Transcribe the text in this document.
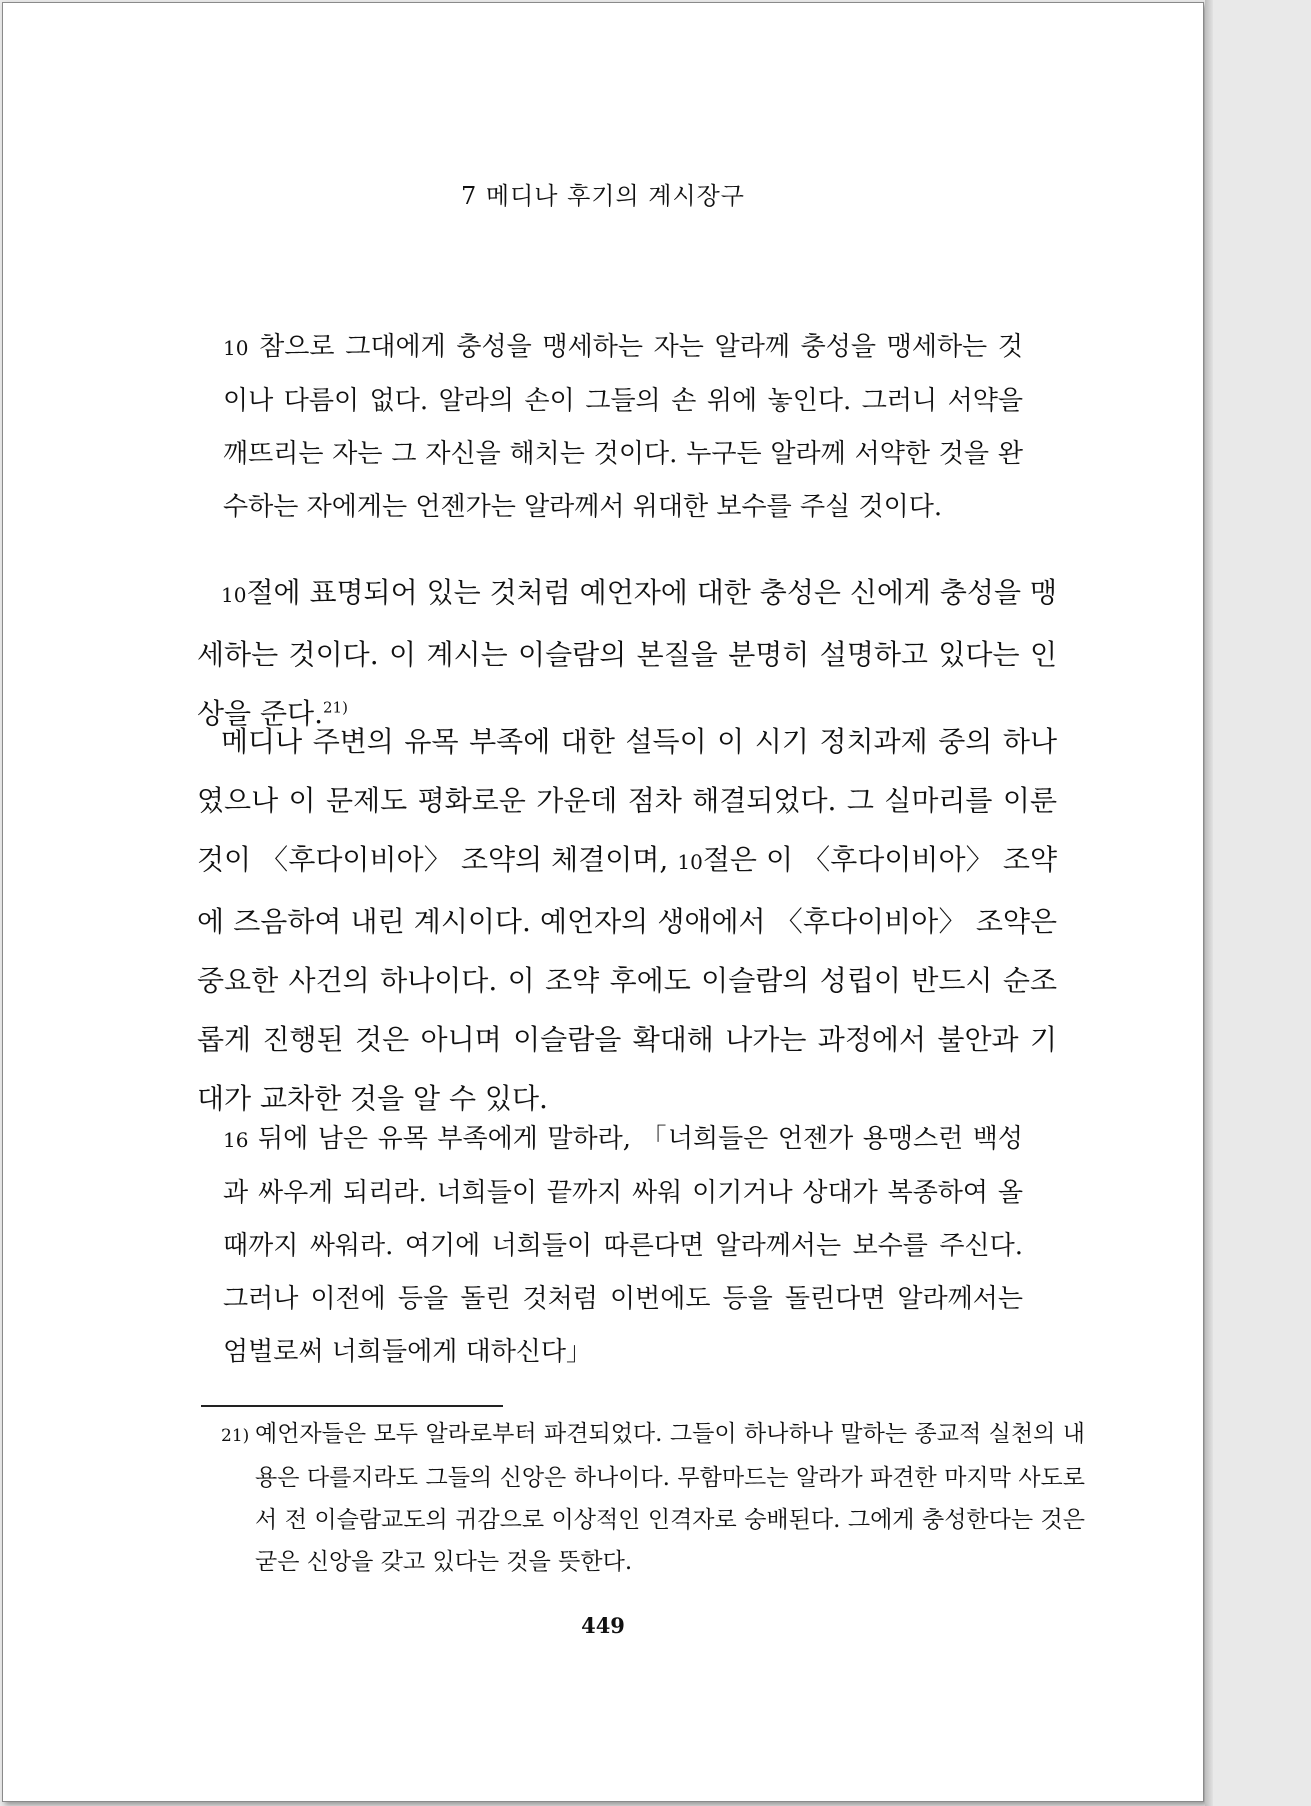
7 메디나 후기의 계시장구

10 참으로 그대에게 충성을 맹세하는 자는 알라께 충성을 맹세하는 것이나 다름이 없다. 알라의 손이 그들의 손 위에 놓인다. 그러니 서약을 깨뜨리는 자는 그 자신을 해치는 것이다. 누구든 알라께 서약한 것을 완수하는 자에게는 언젠가는 알라께서 위대한 보수를 주실 것이다.

10절에 표명되어 있는 것처럼 예언자에 대한 충성은 신에게 충성을 맹세하는 것이다. 이 계시는 이슬람의 본질을 분명히 설명하고 있다는 인상을 준다.$^{21)}$

메디나 주변의 유목 부족에 대한 설득이 이 시기 정치과제 중의 하나였으나 이 문제도 평화로운 가운데 점차 해결되었다. 그 실마리를 이룬 것이 〈후다이비아〉 조약의 체결이며, 10절은 이 〈후다이비아〉 조약에 즈음하여 내린 계시이다. 예언자의 생애에서 〈후다이비아〉 조약은 중요한 사건의 하나이다. 이 조약 후에도 이슬람의 성립이 반드시 순조롭게 진행된 것은 아니며 이슬람을 확대해 나가는 과정에서 불안과 기대가 교차한 것을 알 수 있다.

16 뒤에 남은 유목 부족에게 말하라, 「너희들은 언젠가 용맹스런 백성과 싸우게 되리라. 너희들이 끝까지 싸워 이기거나 상대가 복종하여 올 때까지 싸워라. 여기에 너희들이 따른다면 알라께서는 보수를 주신다. 그러나 이전에 등을 돌린 것처럼 이번에도 등을 돌린다면 알라께서는 엄벌로써 너희들에게 대하신다」

21) 예언자들은 모두 알라로부터 파견되었다. 그들이 하나하나 말하는 종교적 실천의 내용은 다를지라도 그들의 신앙은 하나이다. 무함마드는 알라가 파견한 마지막 사도로서 전 이슬람교도의 귀감으로 이상적인 인격자로 숭배된다. 그에게 충성한다는 것은 굳은 신앙을 갖고 있다는 것을 뜻한다.

449
